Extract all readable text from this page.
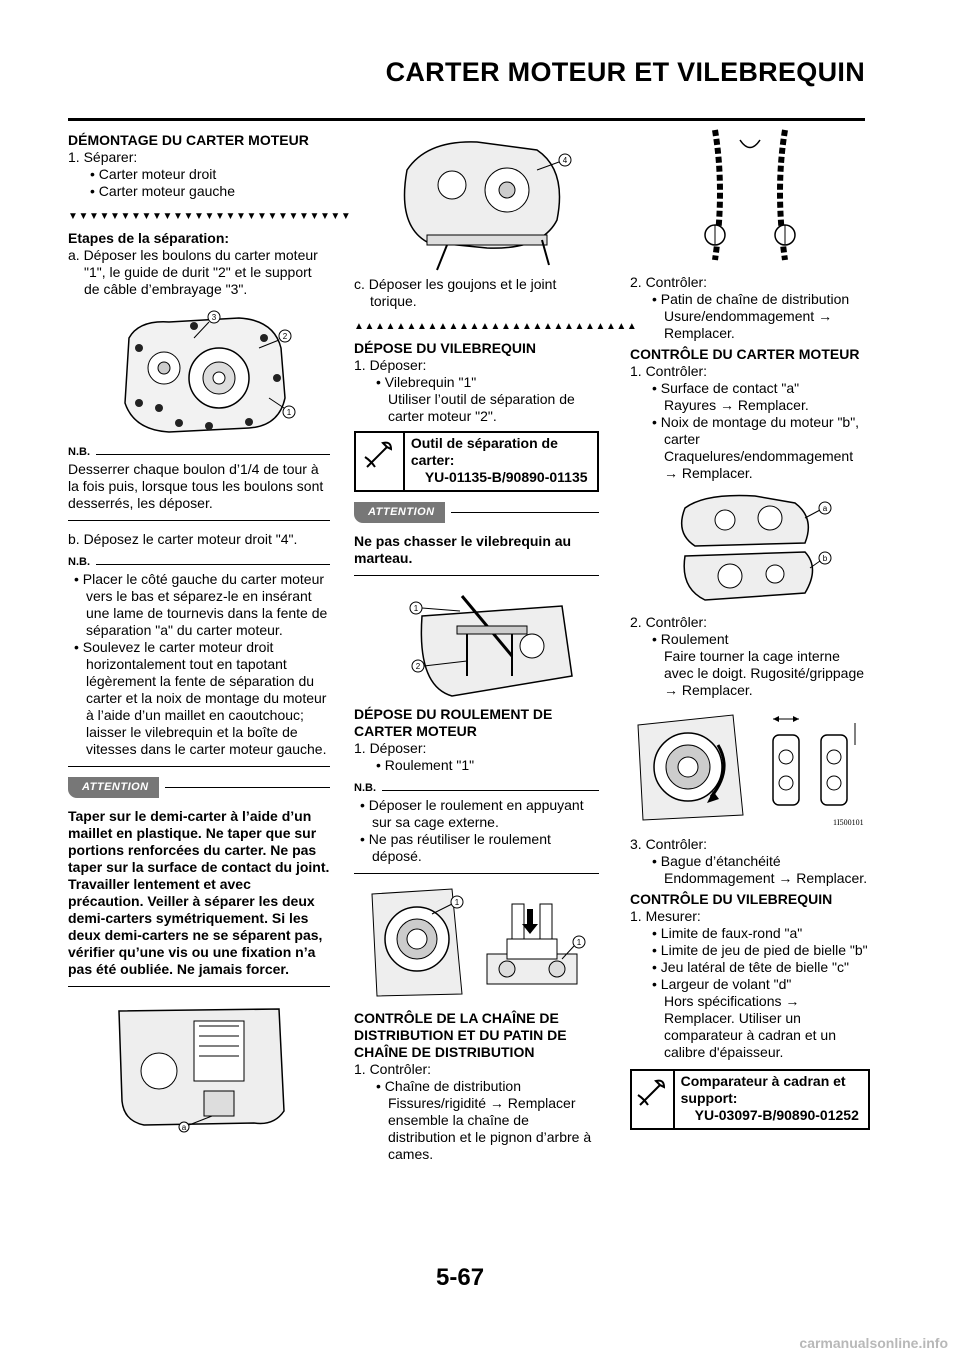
CARTER MOTEUR ET VILEBREQUIN
DÉMONTAGE DU CARTER MOTEUR
1. Séparer:
• Carter moteur droit
• Carter moteur gauche
▼▼▼▼▼▼▼▼▼▼▼▼▼▼▼▼▼▼▼▼▼▼▼▼▼▼▼
Etapes de la séparation:
a. Déposer les boulons du carter moteur "1", le guide de durit "2" et le support de câble d’embrayage "3".
1
2
3
N.B.
Desserrer chaque boulon d’1/4 de tour à la fois puis, lorsque tous les boulons sont desserrés, les déposer.
b. Déposez le carter moteur droit "4".
N.B.
• Placer le côté gauche du carter moteur vers le bas et séparez-le en insérant une lame de tournevis dans la fente de séparation "a" du carter moteur.
• Soulevez le carter moteur droit horizontalement tout en tapotant légèrement la fente de séparation du carter et la noix de montage du moteur à l’aide d’un maillet en caoutchouc; laisser le vilebrequin et la boîte de vitesses dans le carter moteur gauche.
ATTENTION
Taper sur le demi-carter à l’aide d’un maillet en plastique. Ne taper que sur portions renforcées du carter. Ne pas taper sur la surface de contact du joint. Travailler lentement et avec précaution. Veiller à séparer les deux demi-carters symétriquement. Si les deux demi-carters ne se séparent pas, vérifier qu’une vis ou une fixation n’a pas été oubliée. Ne jamais forcer.
a
4
c. Déposer les goujons et le joint torique.
▲▲▲▲▲▲▲▲▲▲▲▲▲▲▲▲▲▲▲▲▲▲▲▲▲▲▲
DÉPOSE DU VILEBREQUIN
1. Déposer:
• Vilebrequin "1"
Utiliser l’outil de séparation de carter moteur "2".
Outil de séparation de carter:
YU-01135-B/90890-01135
ATTENTION
Ne pas chasser le vilebrequin au marteau.
1
2
DÉPOSE DU ROULEMENT DE CARTER MOTEUR
1. Déposer:
• Roulement "1"
N.B.
• Déposer le roulement en appuyant sur sa cage externe.
• Ne pas réutiliser le roulement déposé.
1
1
CONTRÔLE DE LA CHAÎNE DE DISTRIBUTION ET DU PATIN DE CHAÎNE DE DISTRIBUTION
1. Contrôler:
• Chaîne de distribution
Fissures/rigidité → Remplacer ensemble la chaîne de distribution et le pignon d’arbre à cames.
2. Contrôler:
• Patin de chaîne de distribution
Usure/endommagement → Remplacer.
CONTRÔLE DU CARTER MOTEUR
1. Contrôler:
• Surface de contact "a"
Rayures → Remplacer.
• Noix de montage du moteur "b", carter
Craquelures/endommagement → Remplacer.
a
b
2. Contrôler:
• Roulement
Faire tourner la cage interne avec le doigt. Rugosité/grippage → Remplacer.
1I500101
3. Contrôler:
• Bague d’étanchéité
Endommagement → Remplacer.
CONTRÔLE DU VILEBREQUIN
1. Mesurer:
• Limite de faux-rond "a"
• Limite de jeu de pied de bielle "b"
• Jeu latéral de tête de bielle "c"
• Largeur de volant "d"
Hors spécifications → Remplacer. Utiliser un comparateur à cadran et un calibre d'épaisseur.
Comparateur à cadran et support:
YU-03097-B/90890-01252
5-67
carmanualsonline.info
